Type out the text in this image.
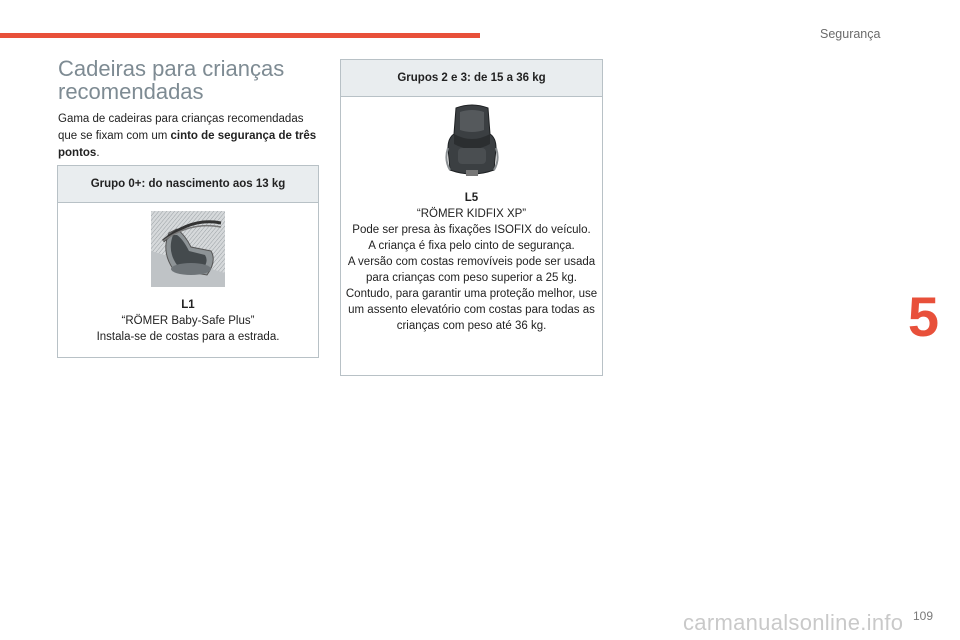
Segurança
5
Cadeiras para crianças recomendadas

Gama de cadeiras para crianças recomendadas que se fixam com um cinto de segurança de três pontos.

Grupo 0+: do nascimento aos 13 kg
L1
“RÖMER Baby-Safe Plus”
Instala-se de costas para a estrada.
Grupos 2 e 3: de 15 a 36 kg
L5
“RÖMER KIDFIX XP”
Pode ser presa às fixações ISOFIX do veículo.
A criança é fixa pelo cinto de segurança.
A versão com costas removíveis pode ser usada para crianças com peso superior a 25 kg. Contudo, para garantir uma proteção melhor, use um assento elevatório com costas para todas as crianças com peso até 36 kg.
109
carmanualsonline.info
